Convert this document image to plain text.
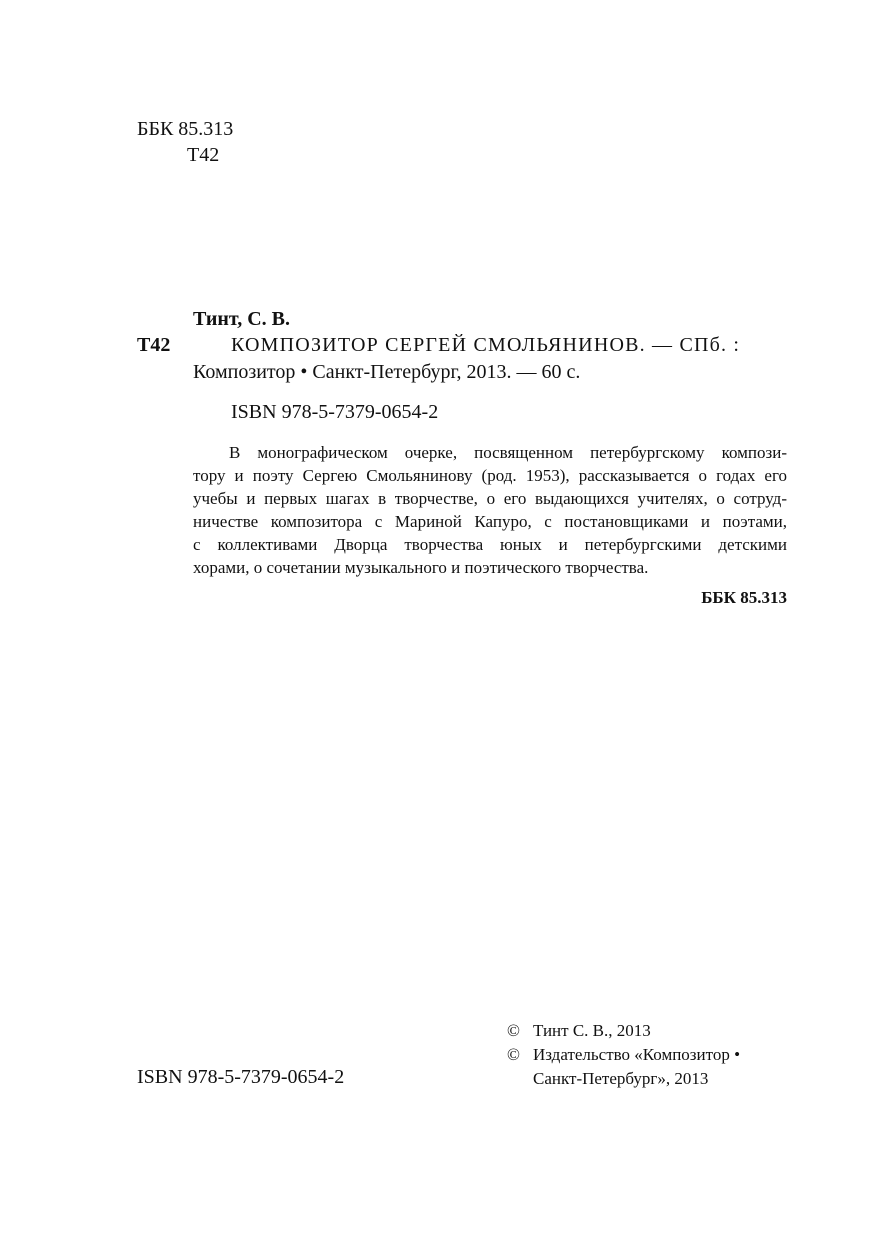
ББК 85.313
Т42
Тинт, С. В.
Т42	КОМПОЗИТОР СЕРГЕЙ СМОЛЬЯНИНОВ. — СПб. :
Композитор • Санкт-Петербург, 2013. — 60 с.
ISBN 978-5-7379-0654-2
В монографическом очерке, посвященном петербургскому компози-
тору и поэту Сергею Смольянинову (род. 1953), рассказывается о годах его
учебы и первых шагах в творчестве, о его выдающихся учителях, о сотруд-
ничестве композитора с Мариной Капуро, с постановщиками и поэтами,
с коллективами Дворца творчества юных и петербургскими детскими
хорами, о сочетании музыкального и поэтического творчества.
ББК 85.313
ISBN 978-5-7379-0654-2
© Тинт С. В., 2013
© Издательство «Композитор •
Санкт-Петербург», 2013
